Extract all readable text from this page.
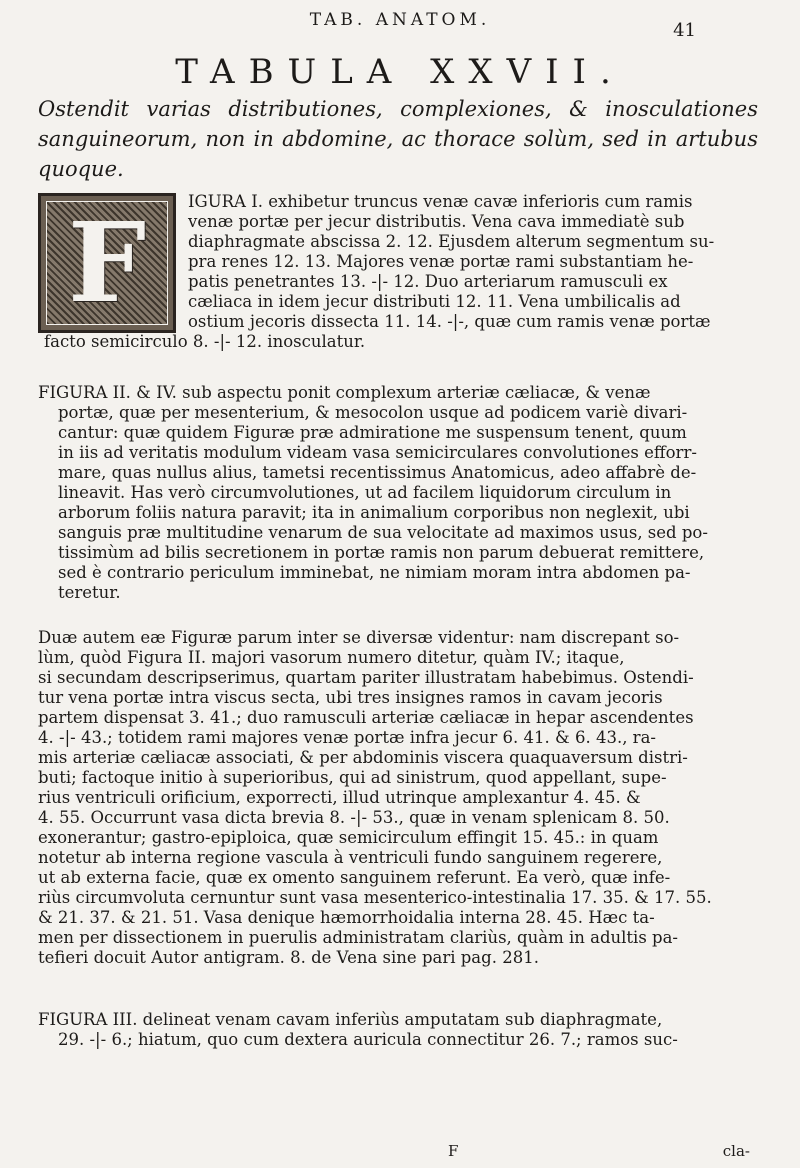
TAB. ANATOM.	41
TABULA XXVII.
Ostendit varias distributiones, complexiones, & inosculationes sanguineorum, non in abdomine, ac thorace solùm, sed in artubus quoque.
F	IGURA I. exhibetur truncus venæ cavæ inferioris cum ramis
venæ portæ per jecur distributis. Vena cava immediatè sub
diaphragmate abscissa 2. 12. Ejusdem alterum segmentum su-
pra renes 12. 13. Majores venæ portæ rami substantiam he-
patis penetrantes 13. -|- 12. Duo arteriarum ramusculi ex
cæliaca in idem jecur distributi 12. 11. Vena umbilicalis ad
ostium jecoris dissecta 11. 14. -|-, quæ cum ramis venæ portæ
facto semicirculo 8. -|- 12. inosculatur.
FIGURA II. & IV. sub aspectu ponit complexum arteriæ cæliacæ, & venæ
portæ, quæ per mesenterium, & mesocolon usque ad podicem variè divari-
cantur: quæ quidem Figuræ præ admiratione me suspensum tenent, quum
in iis ad veritatis modulum videam vasa semicirculares convolutiones efforr-
mare, quas nullus alius, tametsi recentissimus Anatomicus, adeo affabrè de-
lineavit. Has verò circumvolutiones, ut ad facilem liquidorum circulum in
arborum foliis natura paravit; ita in animalium corporibus non neglexit, ubi
sanguis præ multitudine venarum de sua velocitate ad maximos usus, sed po-
tissimùm ad bilis secretionem in portæ ramis non parum debuerat remittere,
sed è contrario periculum imminebat, ne nimiam moram intra abdomen pa-
teretur.
Duæ autem eæ Figuræ parum inter se diversæ videntur: nam discrepant so-
lùm, quòd Figura II. majori vasorum numero ditetur, quàm IV.; itaque,
si secundam descripserimus, quartam pariter illustratam habebimus. Ostendi-
tur vena portæ intra viscus secta, ubi tres insignes ramos in cavam jecoris
partem dispensat 3. 41.; duo ramusculi arteriæ cæliacæ in hepar ascendentes
4. -|- 43.; totidem rami majores venæ portæ infra jecur 6. 41. & 6. 43., ra-
mis arteriæ cæliacæ associati, & per abdominis viscera quaquaversum distri-
buti; factoque initio à superioribus, qui ad sinistrum, quod appellant, supe-
rius ventriculi orificium, exporrecti, illud utrinque amplexantur 4. 45. &
4. 55. Occurrunt vasa dicta brevia 8. -|- 53., quæ in venam splenicam 8. 50.
exonerantur; gastro-epiploica, quæ semicirculum effingit 15. 45.: in quam
notetur ab interna regione vascula à ventriculi fundo sanguinem regerere,
ut ab externa facie, quæ ex omento sanguinem referunt. Ea verò, quæ infe-
riùs circumvoluta cernuntur sunt vasa mesenterico-intestinalia 17. 35. & 17. 55.
& 21. 37. & 21. 51. Vasa denique hæmorrhoidalia interna 28. 45. Hæc ta-
men per dissectionem in puerulis administratam clariùs, quàm in adultis pa-
tefieri docuit Autor antigram. 8. de Vena sine pari pag. 281.
FIGURA III. delineat venam cavam inferiùs amputatam sub diaphragmate,
29. -|- 6.; hiatum, quo cum dextera auricula connectitur 26. 7.; ramos suc-
F	cla-
